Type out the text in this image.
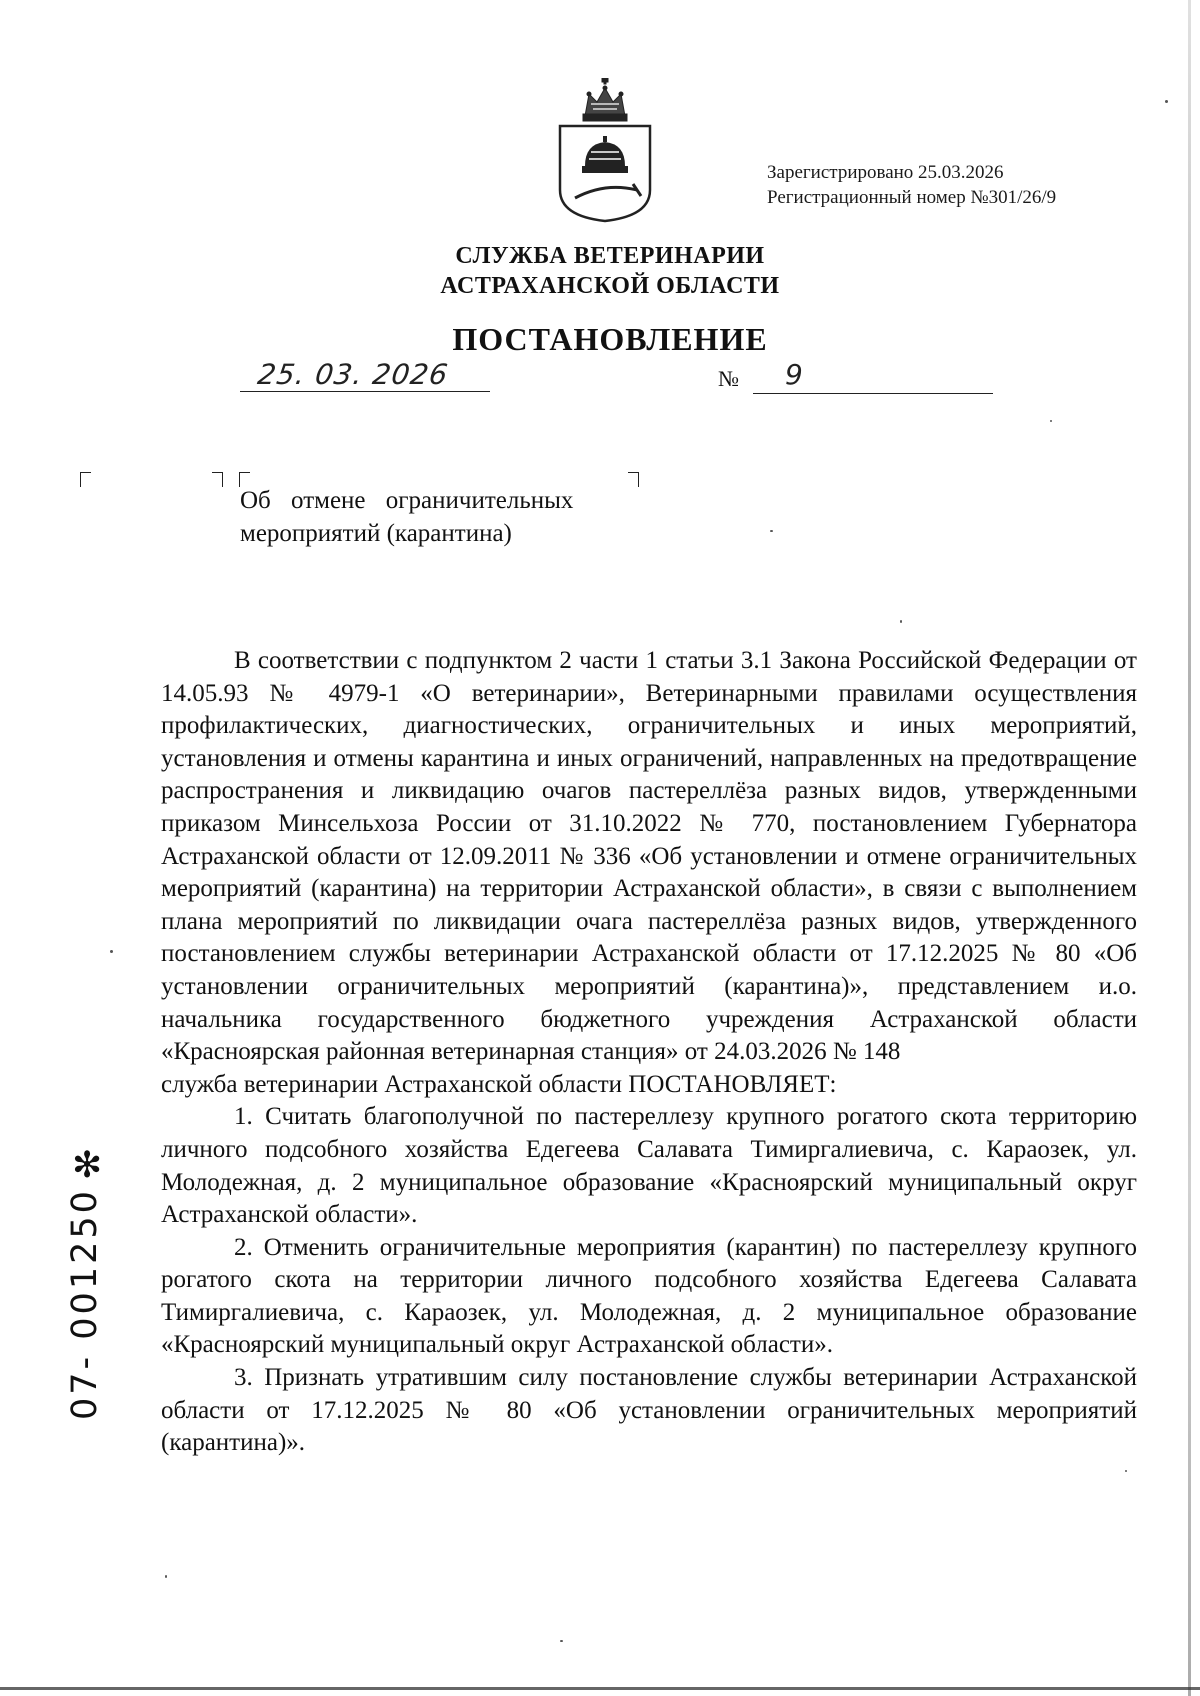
Зарегистрировано 25.03.2026
Регистрационный номер №301/26/9
СЛУЖБА ВЕТЕРИНАРИИ
АСТРАХАНСКОЙ ОБЛАСТИ
ПОСТАНОВЛЕНИЕ
25. 03. 2026	№ 9
Об отмене ограничительных
мероприятий (карантина)

В соответствии с подпунктом 2 части 1 статьи 3.1 Закона Российской Федерации от 14.05.93 № 4979-1 «О ветеринарии», Ветеринарными правилами осуществления профилактических, диагностических, ограничительных и иных мероприятий, установления и отмены карантина и иных ограничений, направленных на предотвращение распространения и ликвидацию очагов пастереллёза разных видов, утвержденными приказом Минсельхоза России от 31.10.2022 № 770, постановлением Губернатора Астраханской области от 12.09.2011 № 336 «Об установлении и отмене ограничительных мероприятий (карантина) на территории Астраханской области», в связи с выполнением плана мероприятий по ликвидации очага пастереллёза разных видов, утвержденного постановлением службы ветеринарии Астраханской области от 17.12.2025 № 80 «Об установлении ограничительных мероприятий (карантина)», представлением и.о. начальника государственного бюджетного учреждения Астраханской области «Красноярская районная ветеринарная станция» от 24.03.2026 № 148

служба ветеринарии Астраханской области ПОСТАНОВЛЯЕТ:

1. Считать благополучной по пастереллезу крупного рогатого скота территорию личного подсобного хозяйства Едегеева Салавата Тимиргалиевича, с. Караозек, ул. Молодежная, д. 2 муниципальное образование «Красноярский муниципальный округ Астраханской области».

2. Отменить ограничительные мероприятия (карантин) по пастереллезу крупного рогатого скота на территории личного подсобного хозяйства Едегеева Салавата Тимиргалиевича, с. Караозек, ул. Молодежная, д. 2 муниципальное образование «Красноярский муниципальный округ Астраханской области».

3. Признать утратившим силу постановление службы ветеринарии Астраханской области от 17.12.2025 № 80 «Об установлении ограничительных мероприятий (карантина)».

✻
07- 001250
